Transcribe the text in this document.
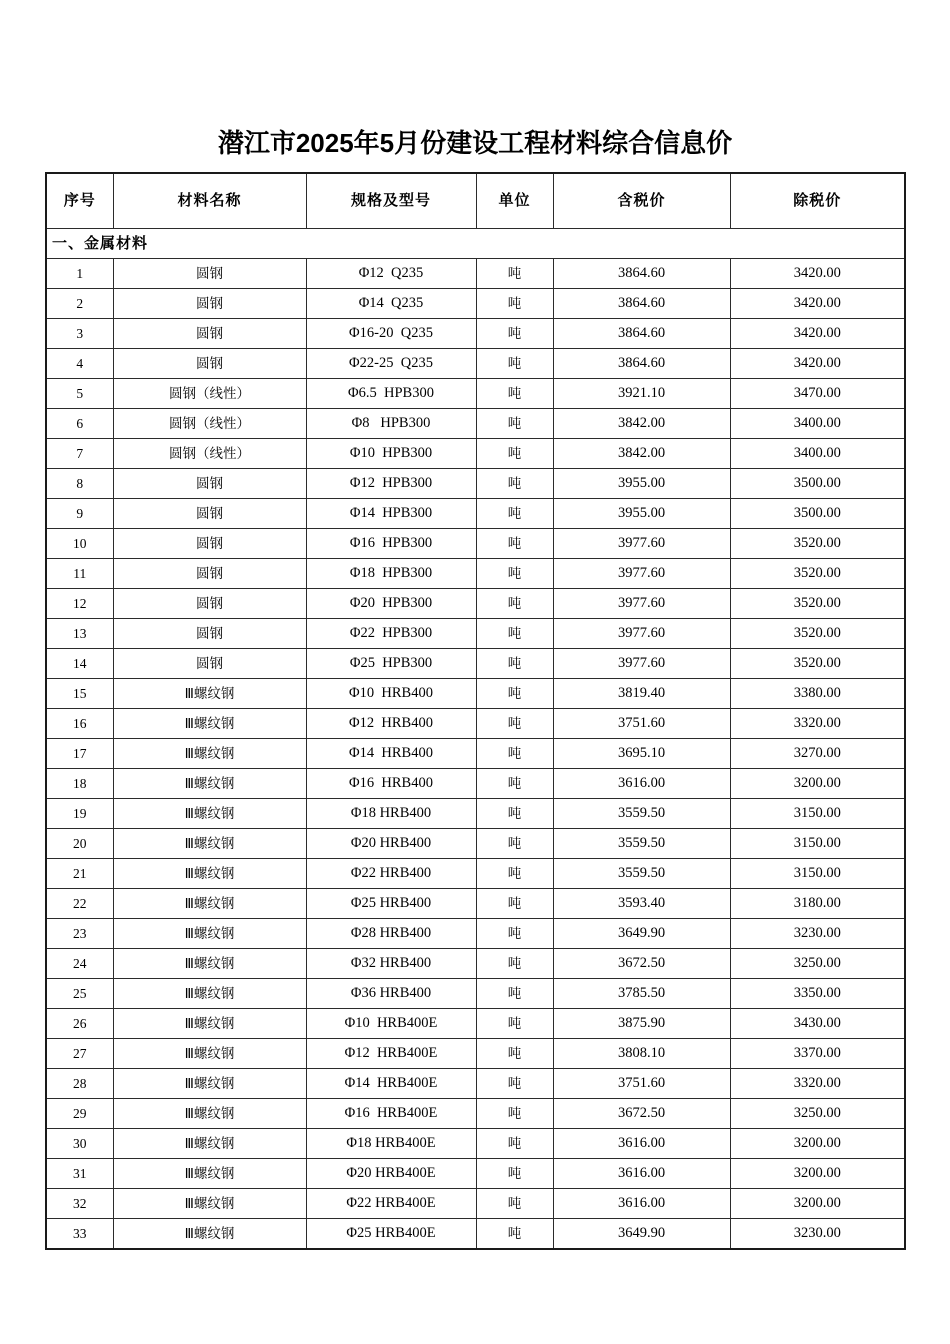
潜江市2025年5月份建设工程材料综合信息价
序号	材料名称	规格及型号	单位	含税价	除税价
一、金属材料					
1	圆钢	Φ12  Q235	吨	3864.60	3420.00
2	圆钢	Φ14  Q235	吨	3864.60	3420.00
3	圆钢	Φ16-20  Q235	吨	3864.60	3420.00
4	圆钢	Φ22-25  Q235	吨	3864.60	3420.00
5	圆钢（线性）	Φ6.5  HPB300	吨	3921.10	3470.00
6	圆钢（线性）	Φ8   HPB300	吨	3842.00	3400.00
7	圆钢（线性）	Φ10  HPB300	吨	3842.00	3400.00
8	圆钢	Φ12  HPB300	吨	3955.00	3500.00
9	圆钢	Φ14  HPB300	吨	3955.00	3500.00
10	圆钢	Φ16  HPB300	吨	3977.60	3520.00
11	圆钢	Φ18  HPB300	吨	3977.60	3520.00
12	圆钢	Φ20  HPB300	吨	3977.60	3520.00
13	圆钢	Φ22  HPB300	吨	3977.60	3520.00
14	圆钢	Φ25  HPB300	吨	3977.60	3520.00
15	Ⅲ螺纹钢	Φ10  HRB400	吨	3819.40	3380.00
16	Ⅲ螺纹钢	Φ12  HRB400	吨	3751.60	3320.00
17	Ⅲ螺纹钢	Φ14  HRB400	吨	3695.10	3270.00
18	Ⅲ螺纹钢	Φ16  HRB400	吨	3616.00	3200.00
19	Ⅲ螺纹钢	Φ18 HRB400	吨	3559.50	3150.00
20	Ⅲ螺纹钢	Φ20 HRB400	吨	3559.50	3150.00
21	Ⅲ螺纹钢	Φ22 HRB400	吨	3559.50	3150.00
22	Ⅲ螺纹钢	Φ25 HRB400	吨	3593.40	3180.00
23	Ⅲ螺纹钢	Φ28 HRB400	吨	3649.90	3230.00
24	Ⅲ螺纹钢	Φ32 HRB400	吨	3672.50	3250.00
25	Ⅲ螺纹钢	Φ36 HRB400	吨	3785.50	3350.00
26	Ⅲ螺纹钢	Φ10  HRB400E	吨	3875.90	3430.00
27	Ⅲ螺纹钢	Φ12  HRB400E	吨	3808.10	3370.00
28	Ⅲ螺纹钢	Φ14  HRB400E	吨	3751.60	3320.00
29	Ⅲ螺纹钢	Φ16  HRB400E	吨	3672.50	3250.00
30	Ⅲ螺纹钢	Φ18 HRB400E	吨	3616.00	3200.00
31	Ⅲ螺纹钢	Φ20 HRB400E	吨	3616.00	3200.00
32	Ⅲ螺纹钢	Φ22 HRB400E	吨	3616.00	3200.00
33	Ⅲ螺纹钢	Φ25 HRB400E	吨	3649.90	3230.00
